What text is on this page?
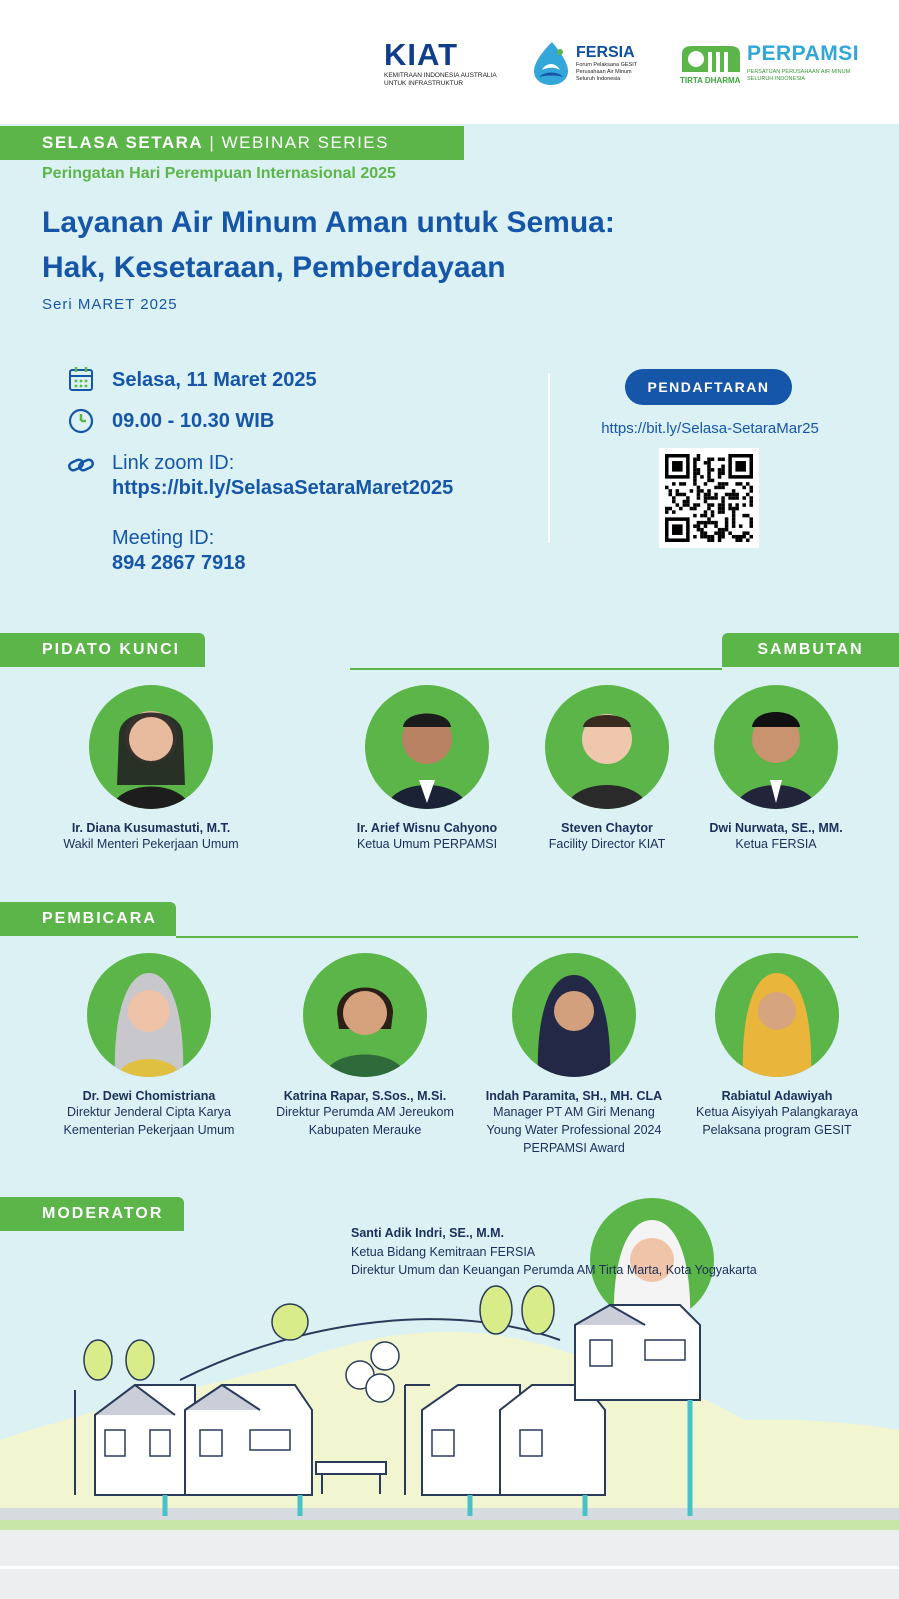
KIAT
KEMITRAAN INDONESIA AUSTRALIA
UNTUK INFRASTRUKTUR
FERSIA
Forum Pelaksana GESIT
Perusahaan Air Minum
Seluruh Indonesia	TIRTA DHARMA
PERPAMSI
PERSATUAN PERUSAHAAN AIR MINUM
SELURUH INDONESIA
SELASA SETARA | WEBINAR SERIES
Peringatan Hari Perempuan Internasional 2025
Layanan Air Minum Aman untuk Semua:
Hak, Kesetaraan, Pemberdayaan
Seri MARET 2025
Selasa, 11 Maret 2025
09.00 - 10.30 WIB
Link zoom ID:
https://bit.ly/SelasaSetaraMaret2025
Meeting ID:
894 2867 7918
PENDAFTARAN
https://bit.ly/Selasa-SetaraMar25
PIDATO KUNCI	SAMBUTAN
Ir. Diana Kusumastuti, M.T.
Wakil Menteri Pekerjaan Umum
Ir. Arief Wisnu Cahyono
Ketua Umum PERPAMSI
Steven Chaytor
Facility Director KIAT
Dwi Nurwata, SE., MM.
Ketua FERSIA
PEMBICARA
Dr. Dewi Chomistriana
Direktur Jenderal Cipta Karya
Kementerian Pekerjaan Umum
Katrina Rapar, S.Sos., M.Si.
Direktur Perumda AM Jereukom
Kabupaten Merauke
Indah Paramita, SH., MH. CLA
Manager PT AM Giri Menang
Young Water Professional 2024
PERPAMSI Award
Rabiatul Adawiyah
Ketua Aisyiyah Palangkaraya
Pelaksana program GESIT
MODERATOR
Santi Adik Indri, SE., M.M.
Ketua Bidang Kemitraan FERSIA
Direktur Umum dan Keuangan Perumda AM Tirta Marta, Kota Yogyakarta
